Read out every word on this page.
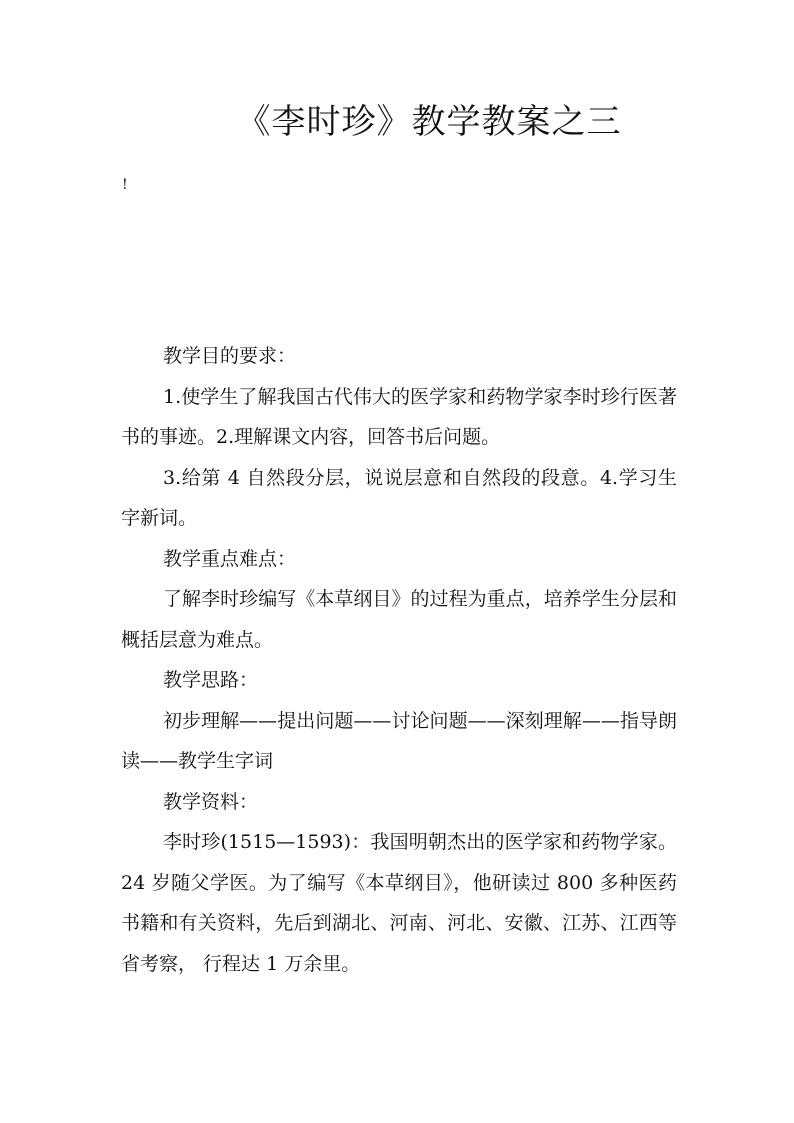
《李时珍》教学教案之三
!

教学目的要求：

1.使学生了解我国古代伟大的医学家和药物学家李时珍行医著书的事迹。2.理解课文内容，回答书后问题。

3.给第 4 自然段分层，说说层意和自然段的段意。4.学习生字新词。

教学重点难点：

了解李时珍编写《本草纲目》的过程为重点，培养学生分层和概括层意为难点。

教学思路：

初步理解——提出问题——讨论问题——深刻理解——指导朗读——教学生字词

教学资料：

李时珍(1515—1593)：我国明朝杰出的医学家和药物学家。24 岁随父学医。为了编写《本草纲目》，他研读过 800 多种医药书籍和有关资料，先后到湖北、河南、河北、安徽、江苏、江西等省考察， 行程达 1 万余里。
